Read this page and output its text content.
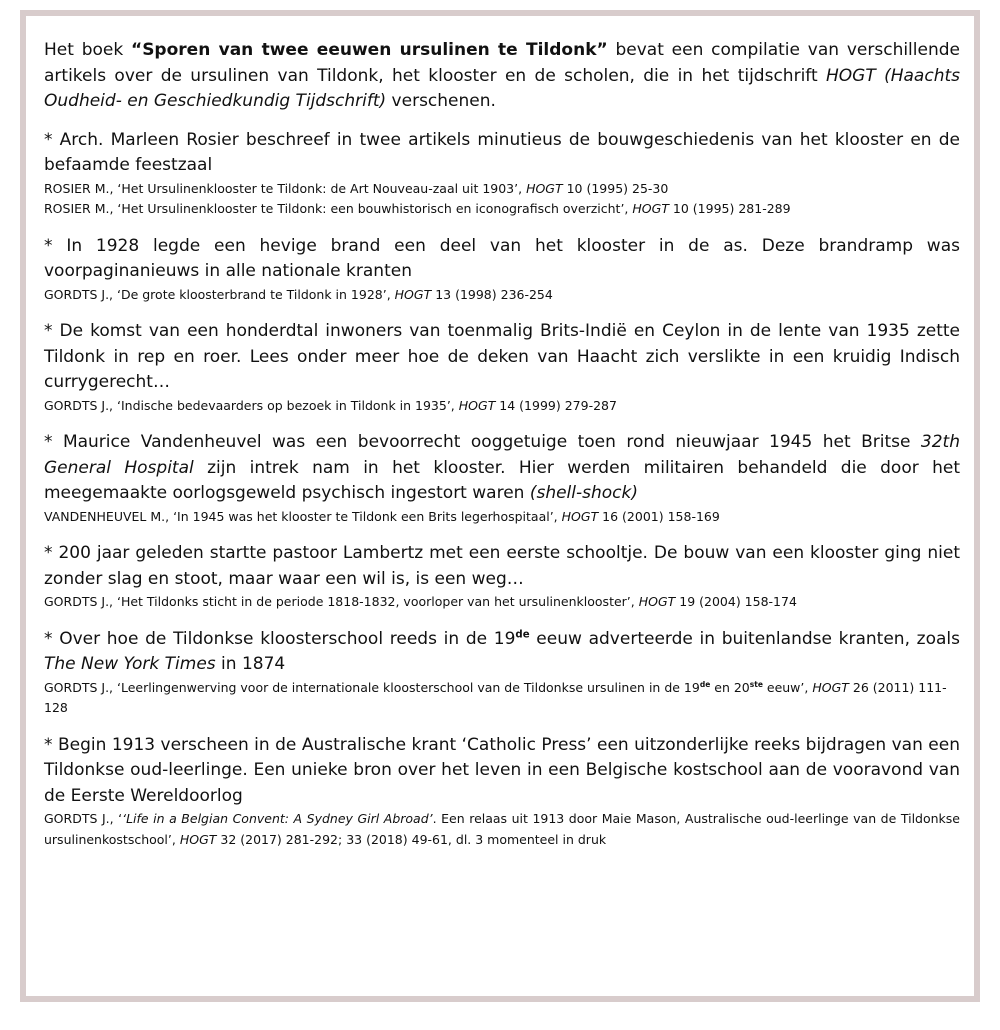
Het boek “Sporen van twee eeuwen ursulinen te Tildonk” bevat een compilatie van verschillende artikels over de ursulinen van Tildonk, het klooster en de scholen, die in het tijdschrift HOGT (Haachts Oudheid- en Geschiedkundig Tijdschrift) verschenen.

* Arch. Marleen Rosier beschreef in twee artikels minutieus de bouwgeschiedenis van het klooster en de befaamde feestzaal

ROSIER M., ‘Het Ursulinenklooster te Tildonk: de Art Nouveau-zaal uit 1903’, HOGT 10 (1995) 25-30

ROSIER M., ‘Het Ursulinenklooster te Tildonk: een bouwhistorisch en iconografisch overzicht’, HOGT 10 (1995) 281-289

* In 1928 legde een hevige brand een deel van het klooster in de as. Deze brandramp was voorpaginanieuws in alle nationale kranten

GORDTS J., ‘De grote kloosterbrand te Tildonk in 1928’, HOGT 13 (1998) 236-254

* De komst van een honderdtal inwoners van toenmalig Brits-Indië en Ceylon in de lente van 1935 zette Tildonk in rep en roer. Lees onder meer hoe de deken van Haacht zich verslikte in een kruidig Indisch currygerecht…

GORDTS J., ‘Indische bedevaarders op bezoek in Tildonk in 1935’, HOGT 14 (1999) 279-287

* Maurice Vandenheuvel was een bevoorrecht ooggetuige toen rond nieuwjaar 1945 het Britse 32th General Hospital zijn intrek nam in het klooster. Hier werden militairen behandeld die door het meegemaakte oorlogsgeweld psychisch ingestort waren (shell-shock)

VANDENHEUVEL M., ‘In 1945 was het klooster te Tildonk een Brits legerhospitaal’, HOGT 16 (2001) 158-169

* 200 jaar geleden startte pastoor Lambertz met een eerste schooltje. De bouw van een klooster ging niet zonder slag en stoot, maar waar een wil is, is een weg…

GORDTS J., ‘Het Tildonks sticht in de periode 1818-1832, voorloper van het ursulinenklooster’, HOGT 19 (2004) 158-174

* Over hoe de Tildonkse kloosterschool reeds in de 19de eeuw adverteerde in buitenlandse kranten, zoals The New York Times in 1874

GORDTS J., ‘Leerlingenwerving voor de internationale kloosterschool van de Tildonkse ursulinen in de 19de en 20ste eeuw’, HOGT 26 (2011) 111-128

* Begin 1913 verscheen in de Australische krant ‘Catholic Press’ een uitzonderlijke reeks bijdragen van een Tildonkse oud-leerlinge. Een unieke bron over het leven in een Belgische kostschool aan de vooravond van de Eerste Wereldoorlog

GORDTS J., ‘‘Life in a Belgian Convent: A Sydney Girl Abroad’. Een relaas uit 1913 door Maie Mason, Australische oud-leerlinge van de Tildonkse ursulinenkostschool’, HOGT 32 (2017) 281-292; 33 (2018) 49-61, dl. 3 momenteel in druk
